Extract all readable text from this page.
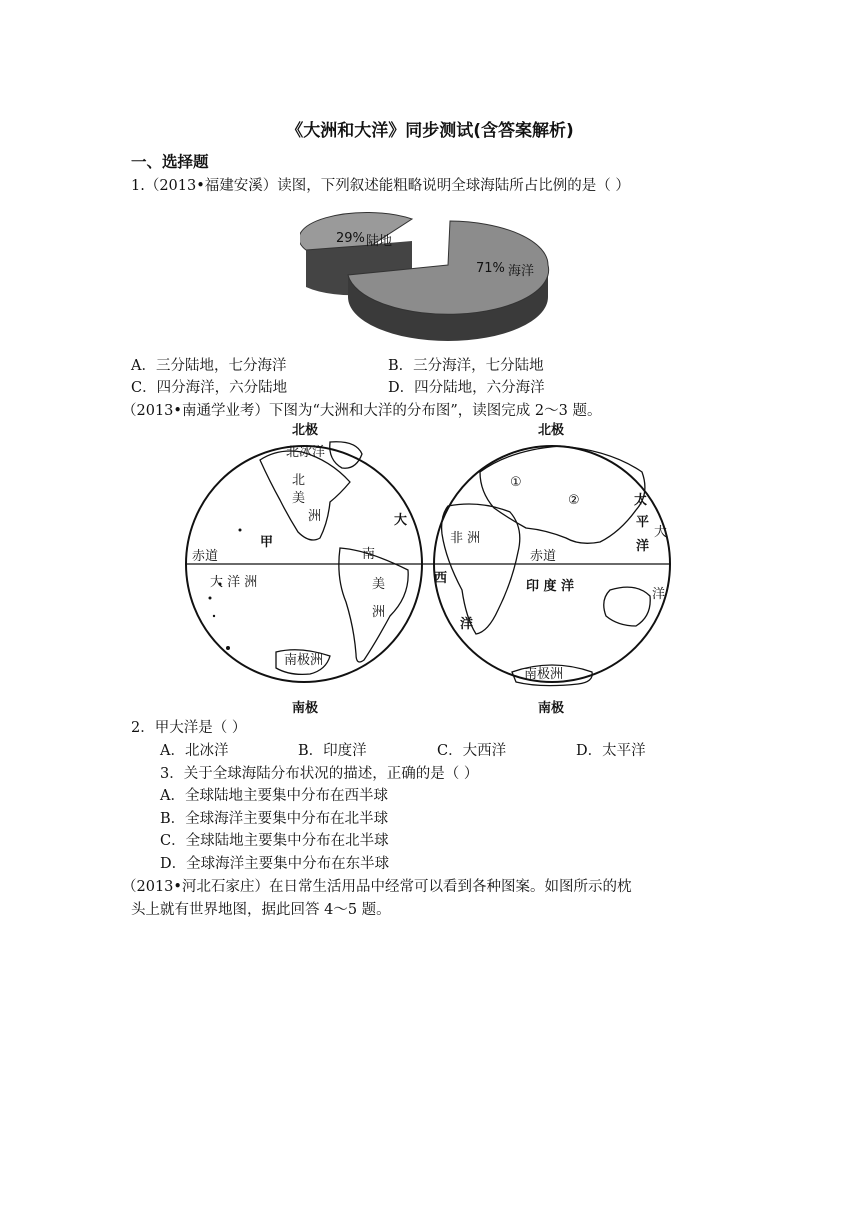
《大洲和大洋》同步测试(含答案解析)
一、选择题
1.（2013•福建安溪）读图，下列叙述能粗略说明全球海陆所占比例的是（ ）
29% 陆地
71% 海洋
A．三分陆地，七分海洋	B．三分海洋，七分陆地
C．四分海洋，六分陆地	D．四分陆地，六分海洋
（2013•南通学业考）下图为“大洲和大洋的分布图”，读图完成 2～3 题。
北极
南极
北极
南极
北冰洋
北
美
洲
甲
大
赤道	南
美
洲
大 洋 洲
南极洲
①
②
非 洲
太
平
洋
大
洋
赤道
西
洋
印 度 洋
南极洲
2．甲大洋是（ ）
A．北冰洋	B．印度洋	C．大西洋	D．太平洋
3．关于全球海陆分布状况的描述，正确的是（ ）
A．全球陆地主要集中分布在西半球
B．全球海洋主要集中分布在北半球
C．全球陆地主要集中分布在北半球
D．全球海洋主要集中分布在东半球
（2013•河北石家庄）在日常生活用品中经常可以看到各种图案。如图所示的枕
头上就有世界地图，据此回答 4～5 题。
